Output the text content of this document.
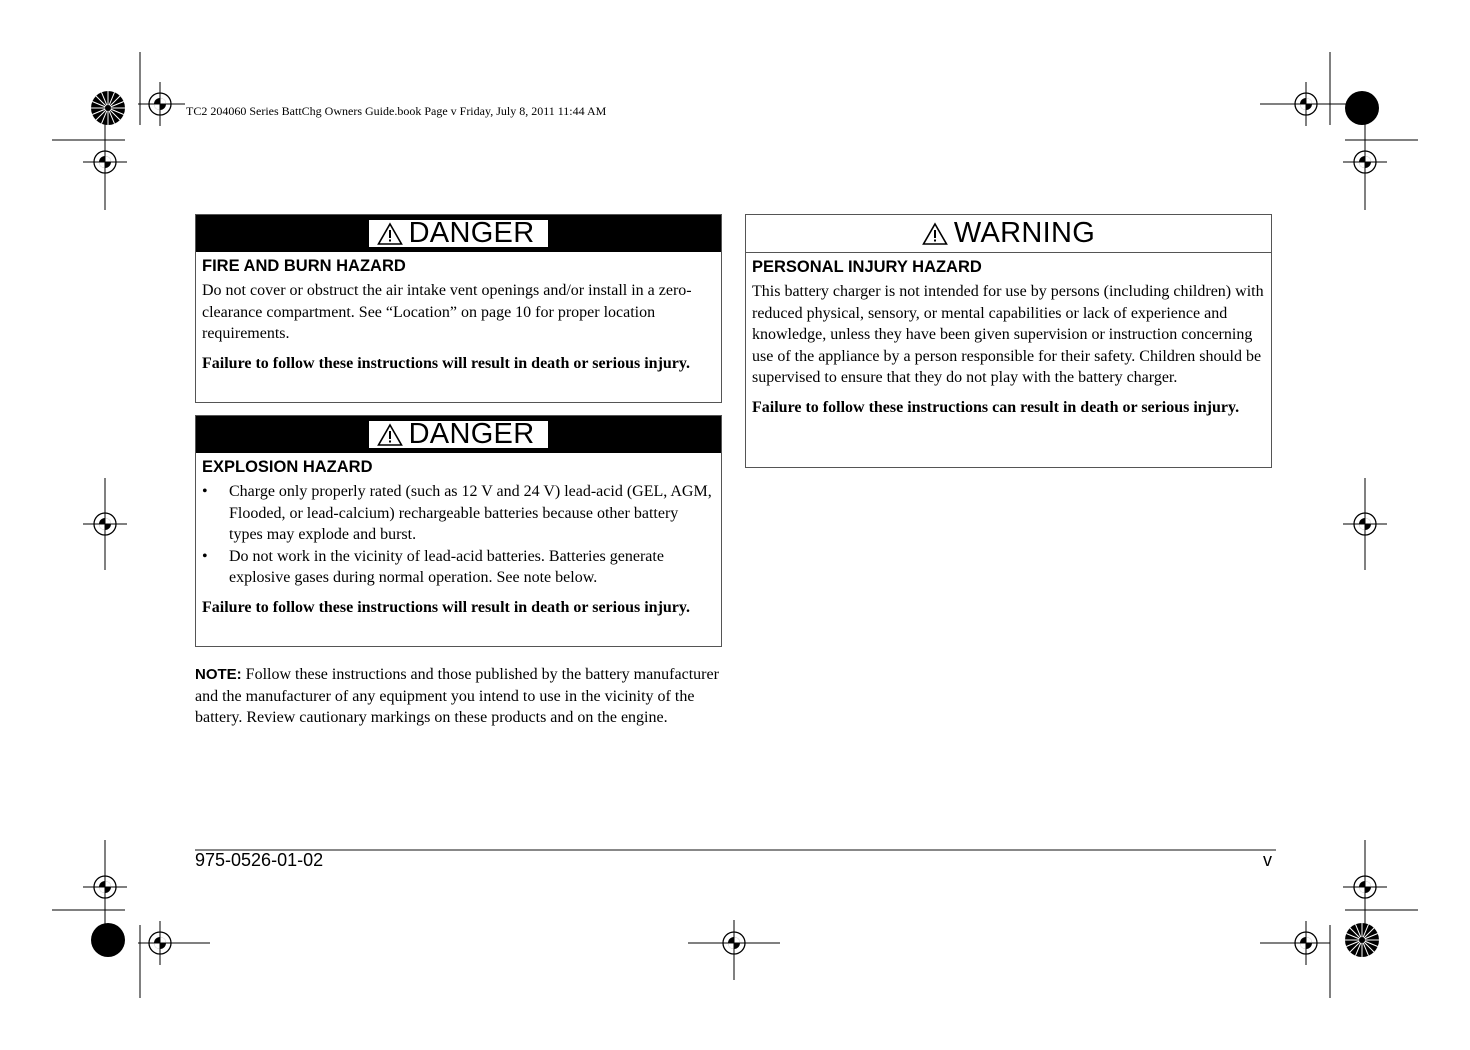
TC2 204060 Series BattChg Owners Guide.book Page v Friday, July 8, 2011 11:44 AM
DANGER
FIRE AND BURN HAZARD

Do not cover or obstruct the air intake vent openings and/or install in a zero-clearance compartment. See “Location” on page 10 for proper location requirements.

Failure to follow these instructions will result in death or serious injury.

DANGER
EXPLOSION HAZARD
• Charge only properly rated (such as 12 V and 24 V) lead-acid (GEL, AGM, Flooded, or lead-calcium) rechargeable batteries because other battery types may explode and burst.
• Do not work in the vicinity of lead-acid batteries. Batteries generate explosive gases during normal operation. See note below.

Failure to follow these instructions will result in death or serious injury.

NOTE: Follow these instructions and those published by the battery manufacturer and the manufacturer of any equipment you intend to use in the vicinity of the battery. Review cautionary markings on these products and on the engine.
WARNING
PERSONAL INJURY HAZARD

This battery charger is not intended for use by persons (including children) with reduced physical, sensory, or mental capabilities or lack of experience and knowledge, unless they have been given supervision or instruction concerning use of the appliance by a person responsible for their safety. Children should be supervised to ensure that they do not play with the battery charger.

Failure to follow these instructions can result in death or serious injury.

975-0526-01-02	v
